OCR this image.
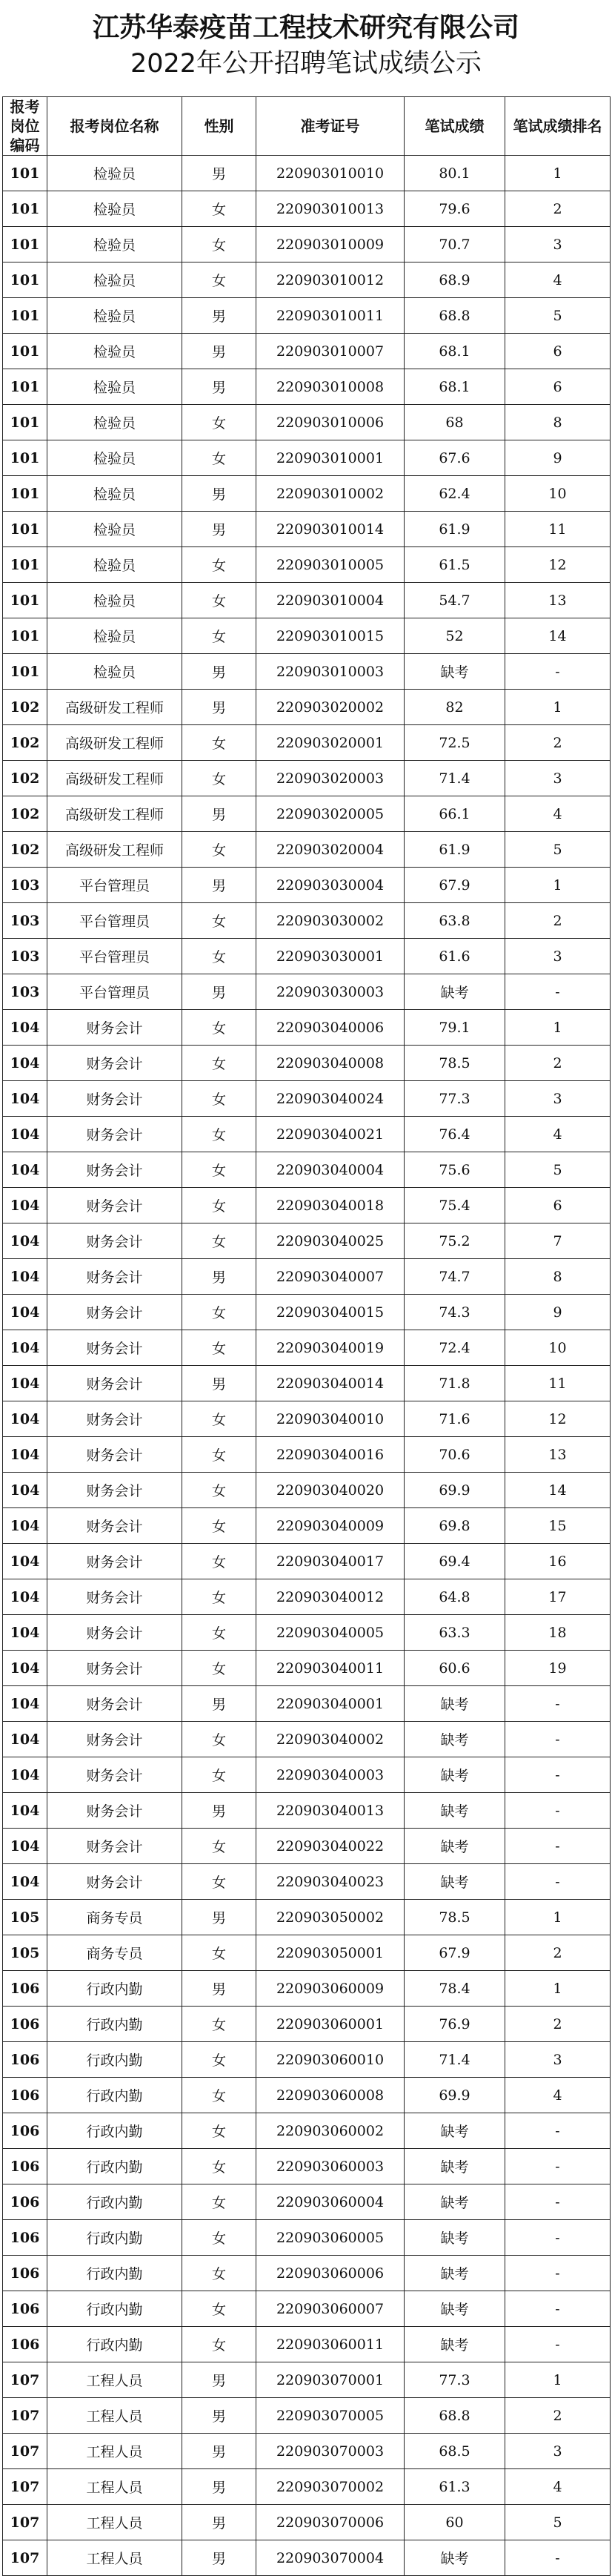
江苏华泰疫苗工程技术研究有限公司
2022年公开招聘笔试成绩公示
报考岗位编码	报考岗位名称	性别	准考证号	笔试成绩	笔试成绩排名
101	检验员	男	220903010010	80.1	1
101	检验员	女	220903010013	79.6	2
101	检验员	女	220903010009	70.7	3
101	检验员	女	220903010012	68.9	4
101	检验员	男	220903010011	68.8	5
101	检验员	男	220903010007	68.1	6
101	检验员	男	220903010008	68.1	6
101	检验员	女	220903010006	68	8
101	检验员	女	220903010001	67.6	9
101	检验员	男	220903010002	62.4	10
101	检验员	男	220903010014	61.9	11
101	检验员	女	220903010005	61.5	12
101	检验员	女	220903010004	54.7	13
101	检验员	女	220903010015	52	14
101	检验员	男	220903010003	缺考	-
102	高级研发工程师	男	220903020002	82	1
102	高级研发工程师	女	220903020001	72.5	2
102	高级研发工程师	女	220903020003	71.4	3
102	高级研发工程师	男	220903020005	66.1	4
102	高级研发工程师	女	220903020004	61.9	5
103	平台管理员	男	220903030004	67.9	1
103	平台管理员	女	220903030002	63.8	2
103	平台管理员	女	220903030001	61.6	3
103	平台管理员	男	220903030003	缺考	-
104	财务会计	女	220903040006	79.1	1
104	财务会计	女	220903040008	78.5	2
104	财务会计	女	220903040024	77.3	3
104	财务会计	女	220903040021	76.4	4
104	财务会计	女	220903040004	75.6	5
104	财务会计	女	220903040018	75.4	6
104	财务会计	女	220903040025	75.2	7
104	财务会计	男	220903040007	74.7	8
104	财务会计	女	220903040015	74.3	9
104	财务会计	女	220903040019	72.4	10
104	财务会计	男	220903040014	71.8	11
104	财务会计	女	220903040010	71.6	12
104	财务会计	女	220903040016	70.6	13
104	财务会计	女	220903040020	69.9	14
104	财务会计	女	220903040009	69.8	15
104	财务会计	女	220903040017	69.4	16
104	财务会计	女	220903040012	64.8	17
104	财务会计	女	220903040005	63.3	18
104	财务会计	女	220903040011	60.6	19
104	财务会计	男	220903040001	缺考	-
104	财务会计	女	220903040002	缺考	-
104	财务会计	女	220903040003	缺考	-
104	财务会计	男	220903040013	缺考	-
104	财务会计	女	220903040022	缺考	-
104	财务会计	女	220903040023	缺考	-
105	商务专员	男	220903050002	78.5	1
105	商务专员	女	220903050001	67.9	2
106	行政内勤	男	220903060009	78.4	1
106	行政内勤	女	220903060001	76.9	2
106	行政内勤	女	220903060010	71.4	3
106	行政内勤	女	220903060008	69.9	4
106	行政内勤	女	220903060002	缺考	-
106	行政内勤	女	220903060003	缺考	-
106	行政内勤	女	220903060004	缺考	-
106	行政内勤	女	220903060005	缺考	-
106	行政内勤	女	220903060006	缺考	-
106	行政内勤	女	220903060007	缺考	-
106	行政内勤	女	220903060011	缺考	-
107	工程人员	男	220903070001	77.3	1
107	工程人员	男	220903070005	68.8	2
107	工程人员	男	220903070003	68.5	3
107	工程人员	男	220903070002	61.3	4
107	工程人员	男	220903070006	60	5
107	工程人员	男	220903070004	缺考	-
